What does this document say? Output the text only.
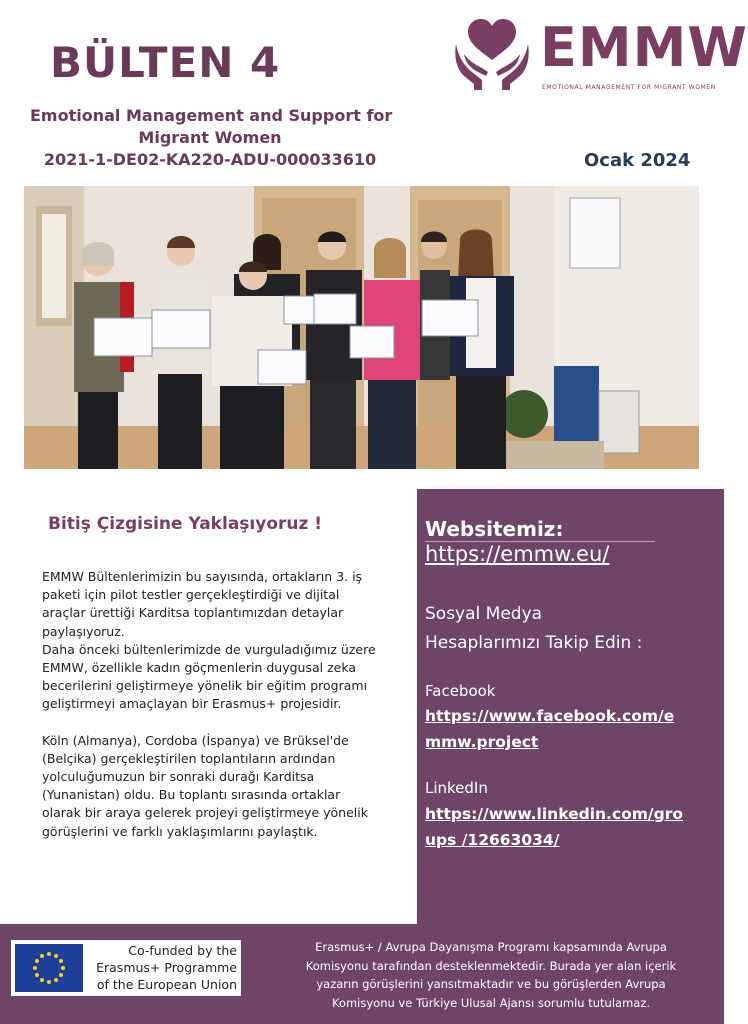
BÜLTEN 4
Emotional Management and Support for
Migrant Women
2021-1-DE02-KA220-ADU-000033610	Ocak 2024
EMMW
EMOTIONAL MANAGEMENT FOR MIGRANT WOMEN
Bitiş Çizgisine Yaklaşıyoruz !

EMMW Bültenlerimizin bu sayısında, ortakların 3. iş
paketi için pilot testler gerçekleştirdiği ve dijital
araçlar ürettiği Karditsa toplantımızdan detaylar
paylaşıyoruz.
Daha önceki bültenlerimizde de vurguladığımız üzere
EMMW, özellikle kadın göçmenlerin duygusal zeka
becerilerini geliştirmeye yönelik bir eğitim programı
geliştirmeyi amaçlayan bir Erasmus+ projesidir.

Köln (Almanya), Cordoba (İspanya) ve Brüksel'de
(Belçika) gerçekleştirilen toplantıların ardından
yolculuğumuzun bir sonraki durağı Karditsa
(Yunanistan) oldu. Bu toplantı sırasında ortaklar
olarak bir araya gelerek projeyi geliştirmeye yönelik
görüşlerini ve farklı yaklaşımlarını paylaştık.

Websitemiz:
https://emmw.eu/
Sosyal Medya
Hesaplarımızı Takip Edin :
Facebook
https://www.facebook.com/e
mmw.project
LinkedIn
https://www.linkedin.com/gro
ups /12663034/
Co-funded by the
Erasmus+ Programme
of the European Union
Erasmus+ / Avrupa Dayanışma Programı kapsamında Avrupa
Komisyonu tarafından desteklenmektedir. Burada yer alan içerik
yazarın görüşlerini yansıtmaktadır ve bu görüşlerden Avrupa
Komisyonu ve Türkiye Ulusal Ajansı sorumlu tutulamaz.
